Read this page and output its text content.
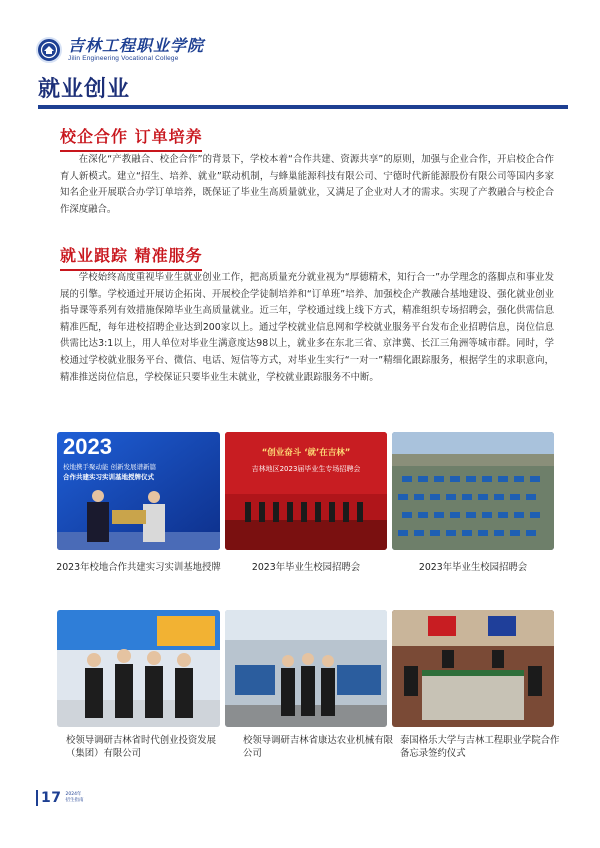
吉林工程职业学院
Jilin Engineering Vocational College
就业创业
校企合作 订单培养

在深化“产教融合、校企合作”的背景下，学校本着“合作共建、资源共享”的原则，加强与企业合作，开启校企合作育人新模式。建立“招生、培养、就业”联动机制，与蜂巢能源科技有限公司、宁德时代新能源股份有限公司等国内多家知名企业开展联合办学订单培养，既保证了毕业生高质量就业，又满足了企业对人才的需求。实现了产教融合与校企合作深度融合。

就业跟踪 精准服务

学校始终高度重视毕业生就业创业工作，把高质量充分就业视为“厚德精术，知行合一”办学理念的落脚点和事业发展的引擎。学校通过开展访企拓岗、开展校企学徒制培养和“订单班”培养、加强校企产教融合基地建设、强化就业创业指导课等系列有效措施保障毕业生高质量就业。近三年，学校通过线上线下方式，精准组织专场招聘会，强化供需信息精准匹配，每年进校招聘企业达到200家以上。通过学校就业信息网和学校就业服务平台发布企业招聘信息，岗位信息供需比达3:1以上，用人单位对毕业生满意度达98以上，就业多在东北三省、京津冀、长江三角洲等城市群。同时，学校通过学校就业服务平台、微信、电话、短信等方式，对毕业生实行“一对一”精细化跟踪服务，根据学生的求职意向，精准推送岗位信息，学校保证只要毕业生未就业，学校就业跟踪服务不中断。

2023
校地携手聚动能 创新发展谱新篇
合作共建实习实训基地授牌仪式
2023年校地合作共建实习实训基地授牌
“创业奋斗 ‘就’在吉林”
吉林地区2023届毕业生专场招聘会
2023年毕业生校园招聘会	2023年毕业生校园招聘会
校领导调研吉林省时代创业投资发展（集团）有限公司
校领导调研吉林省康达农业机械有限公司
泰国格乐大学与吉林工程职业学院合作备忘录签约仪式
17 2024年
招生指南
